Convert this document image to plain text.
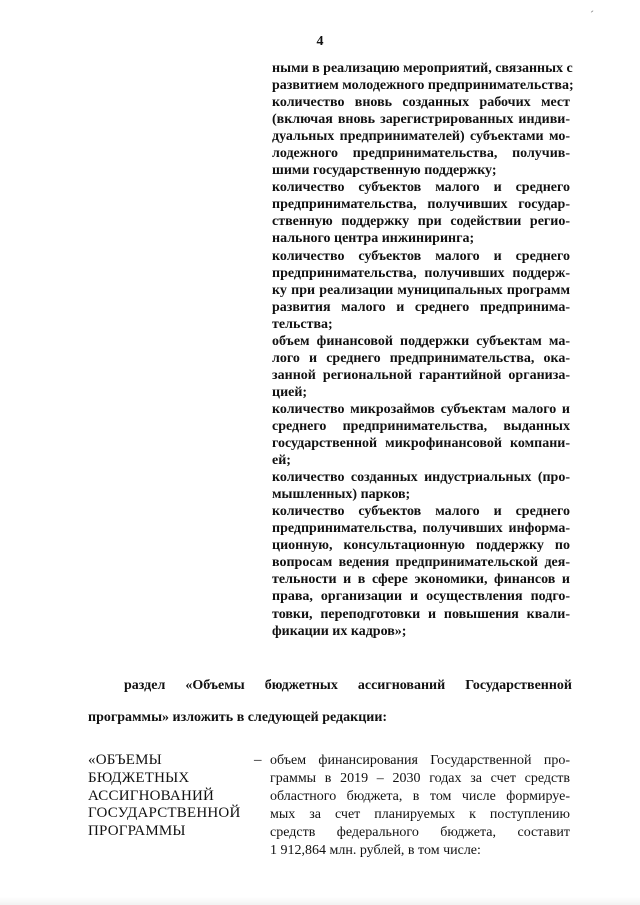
4
´
ными в реализацию мероприятий, связанных с
развитием молодежного предпринимательства;
количество вновь созданных рабочих мест
(включая вновь зарегистрированных индиви-
дуальных предпринимателей) субъектами мо-
лодежного предпринимательства, получив-
шими государственную поддержку;
количество субъектов малого и среднего
предпринимательства, получивших государ-
ственную поддержку при содействии регио-
нального центра инжиниринга;
количество субъектов малого и среднего
предпринимательства, получивших поддерж-
ку при реализации муниципальных программ
развития малого и среднего предпринима-
тельства;
объем финансовой поддержки субъектам ма-
лого и среднего предпринимательства, ока-
занной региональной гарантийной организа-
цией;
количество микрозаймов субъектам малого и
среднего предпринимательства, выданных
государственной микрофинансовой компани-
ей;
количество созданных индустриальных (про-
мышленных) парков;
количество субъектов малого и среднего
предпринимательства, получивших информа-
ционную, консультационную поддержку по
вопросам ведения предпринимательской дея-
тельности и в сфере экономики, финансов и
права, организации и осуществления подго-
товки, переподготовки и повышения квали-
фикации их кадров»;
раздел «Объемы бюджетных ассигнований Государственной
программы» изложить в следующей редакции:
«ОБЪЕМЫ
БЮДЖЕТНЫХ
АССИГНОВАНИЙ
ГОСУДАРСТВЕННОЙ
ПРОГРАММЫ
– объем финансирования Государственной про-
граммы в 2019 – 2030 годах за счет средств
областного бюджета, в том числе формируе-
мых за счет планируемых к поступлению
средств федерального бюджета, составит
1 912,864 млн. рублей, в том числе:
